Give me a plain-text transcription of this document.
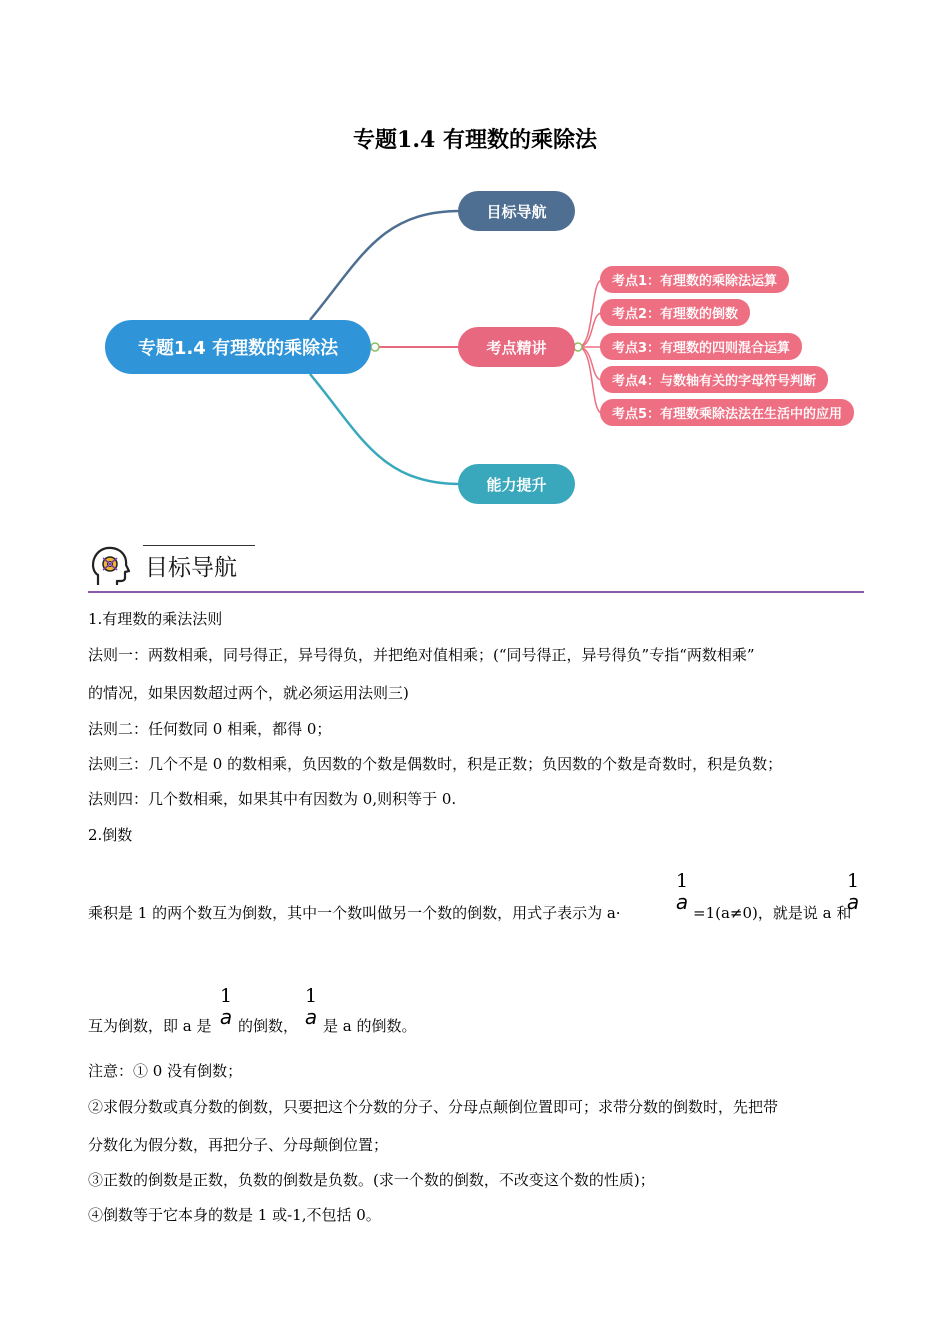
专题1.4 有理数的乘除法
专题1.4 有理数的乘除法
目标导航
考点精讲
能力提升
考点1：有理数的乘除法运算
考点2：有理数的倒数
考点3：有理数的四则混合运算
考点4：与数轴有关的字母符号判断
考点5：有理数乘除法法在生活中的应用
目标导航
1.有理数的乘法法则
法则一：两数相乘，同号得正，异号得负，并把绝对值相乘；(“同号得正，异号得负”专指“两数相乘”
的情况，如果因数超过两个，就必须运用法则三)
法则二：任何数同 0 相乘，都得 0；
法则三：几个不是 0 的数相乘，负因数的个数是偶数时，积是正数；负因数的个数是奇数时，积是负数；
法则四：几个数相乘，如果其中有因数为 0,则积等于 0.
2.倒数
乘积是 1 的两个数互为倒数，其中一个数叫做另一个数的倒数，用式子表示为 a·
1
a =1(a≠0)，就是说 a 和
1
a
互为倒数，即 a 是
1
a 的倒数，
1
a 是 a 的倒数。
注意：① 0 没有倒数；
②求假分数或真分数的倒数，只要把这个分数的分子、分母点颠倒位置即可；求带分数的倒数时，先把带
分数化为假分数，再把分子、分母颠倒位置；
③正数的倒数是正数，负数的倒数是负数。(求一个数的倒数，不改变这个数的性质)；
④倒数等于它本身的数是 1 或-1,不包括 0。
